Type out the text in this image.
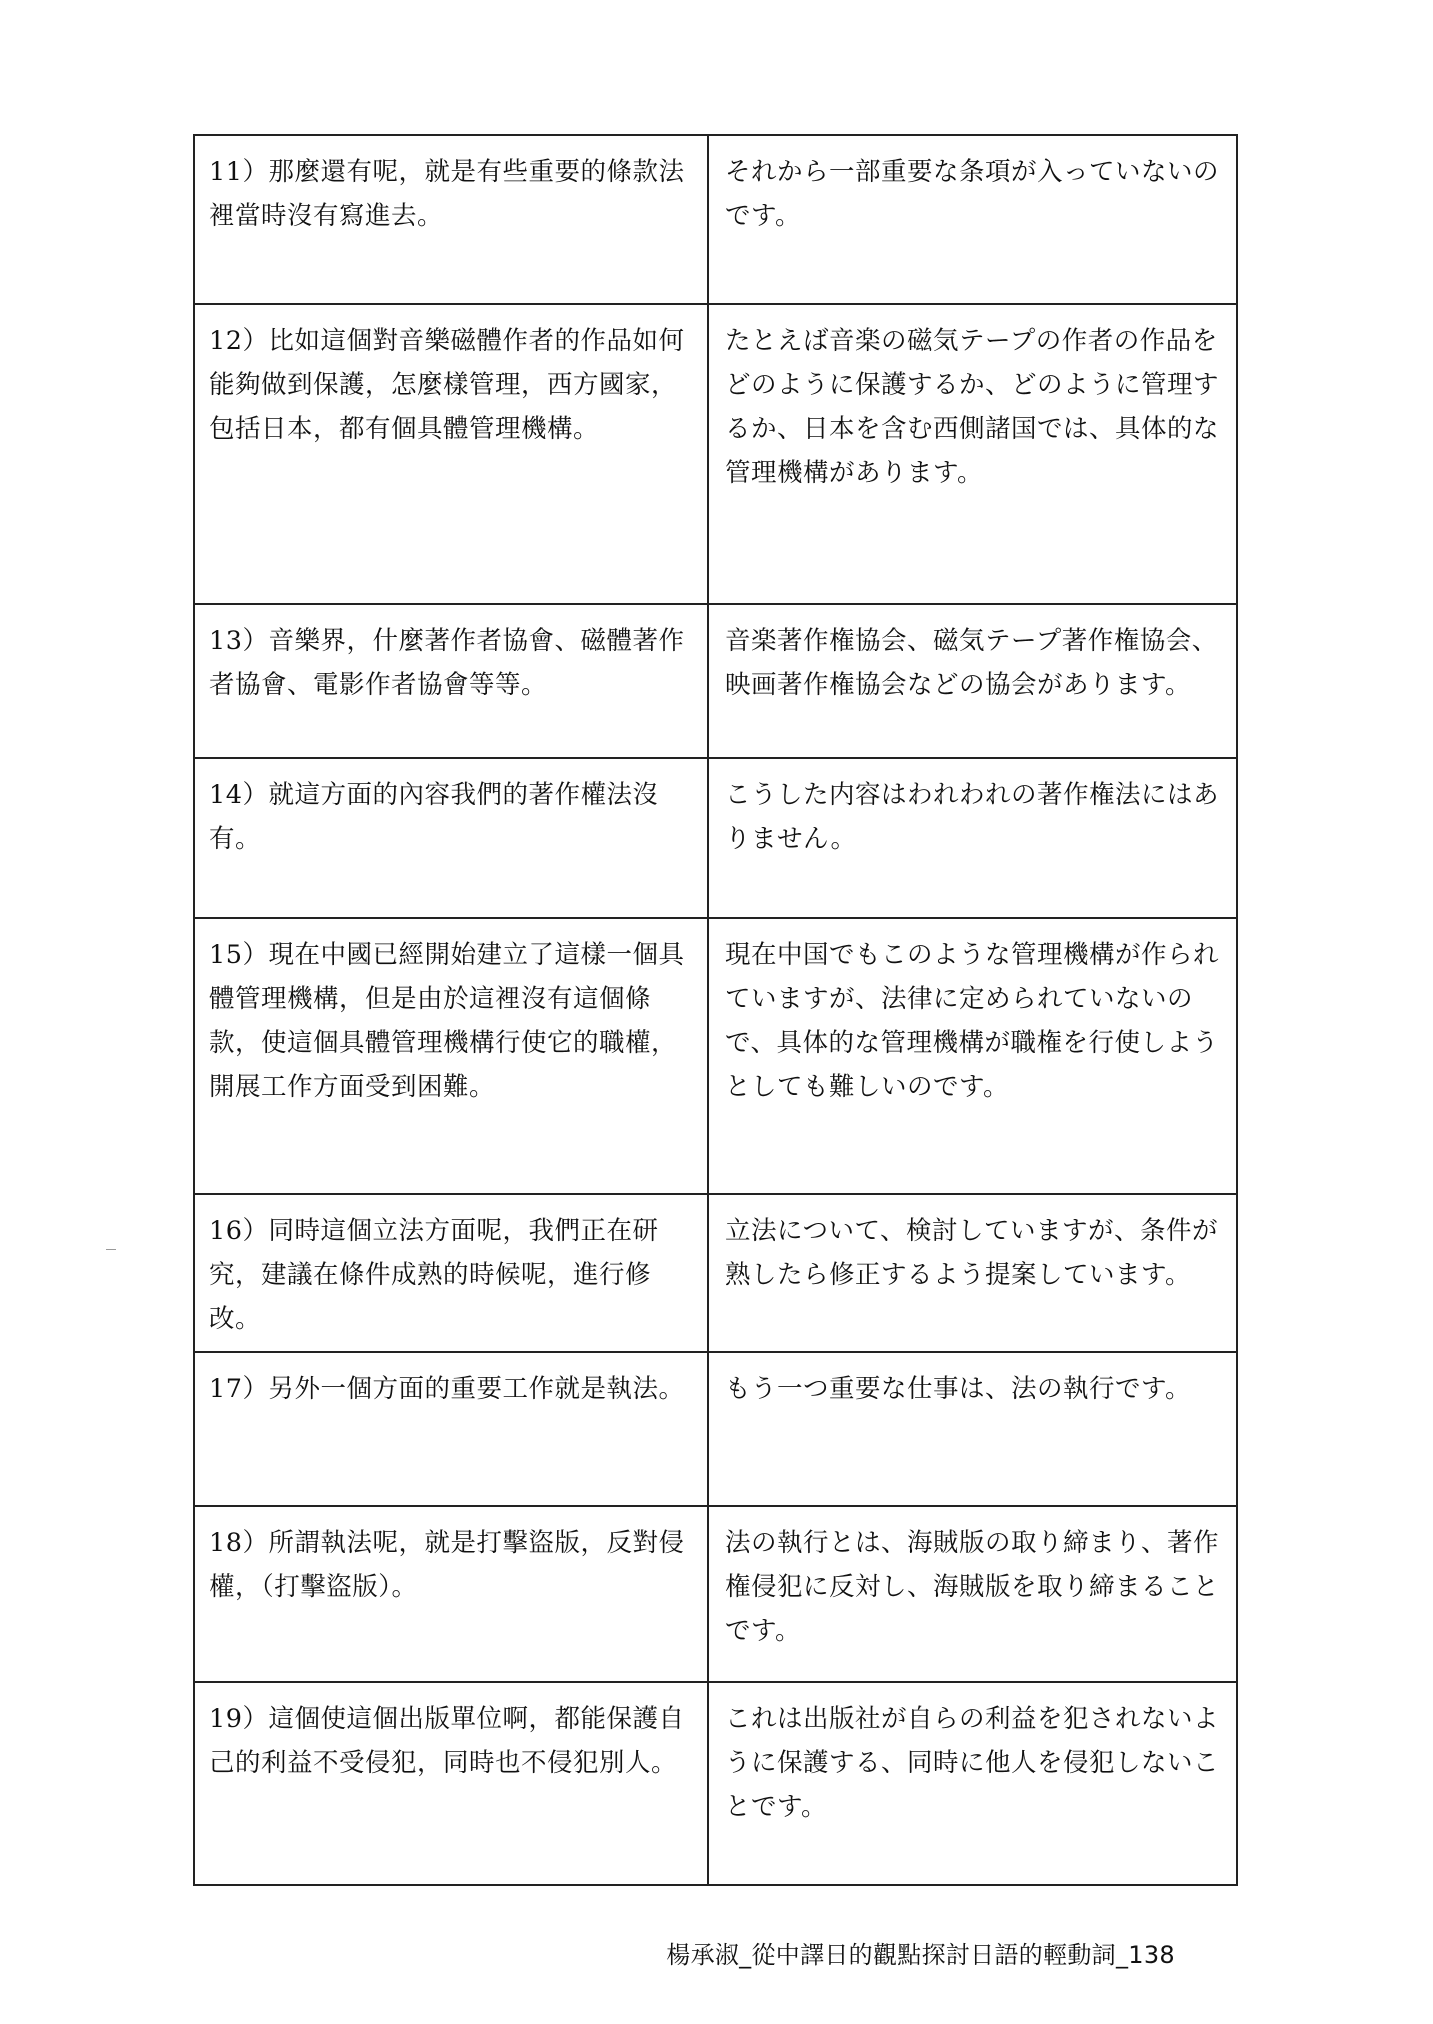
11）那麼還有呢，就是有些重要的條款法裡當時沒有寫進去。	それから一部重要な条項が入っていないのです。

12）比如這個對音樂磁體作者的作品如何能夠做到保護，怎麼樣管理，西方國家，包括日本，都有個具體管理機構。	たとえば音楽の磁気テープの作者の作品をどのように保護するか、どのように管理するか、日本を含む西側諸国では、具体的な管理機構があります。

13）音樂界，什麼著作者協會、磁體著作者協會、電影作者協會等等。	音楽著作権協会、磁気テープ著作権協会、映画著作権協会などの協会があります。

14）就這方面的內容我們的著作權法沒有。	こうした内容はわれわれの著作権法にはありません。

15）現在中國已經開始建立了這樣一個具體管理機構，但是由於這裡沒有這個條款，使這個具體管理機構行使它的職權，開展工作方面受到困難。	現在中国でもこのような管理機構が作られていますが、法律に定められていないので、具体的な管理機構が職権を行使しようとしても難しいのです。

16）同時這個立法方面呢，我們正在研究，建議在條件成熟的時候呢，進行修改。	立法について、検討していますが、条件が熟したら修正するよう提案しています。

17）另外一個方面的重要工作就是執法。	もう一つ重要な仕事は、法の執行です。

18）所謂執法呢，就是打擊盜版，反對侵權，（打擊盜版）。	法の執行とは、海賊版の取り締まり、著作権侵犯に反対し、海賊版を取り締まることです。

19）這個使這個出版單位啊，都能保護自己的利益不受侵犯，同時也不侵犯別人。	これは出版社が自らの利益を犯されないように保護する、同時に他人を侵犯しないことです。
楊承淑_從中譯日的觀點探討日語的輕動詞_138
